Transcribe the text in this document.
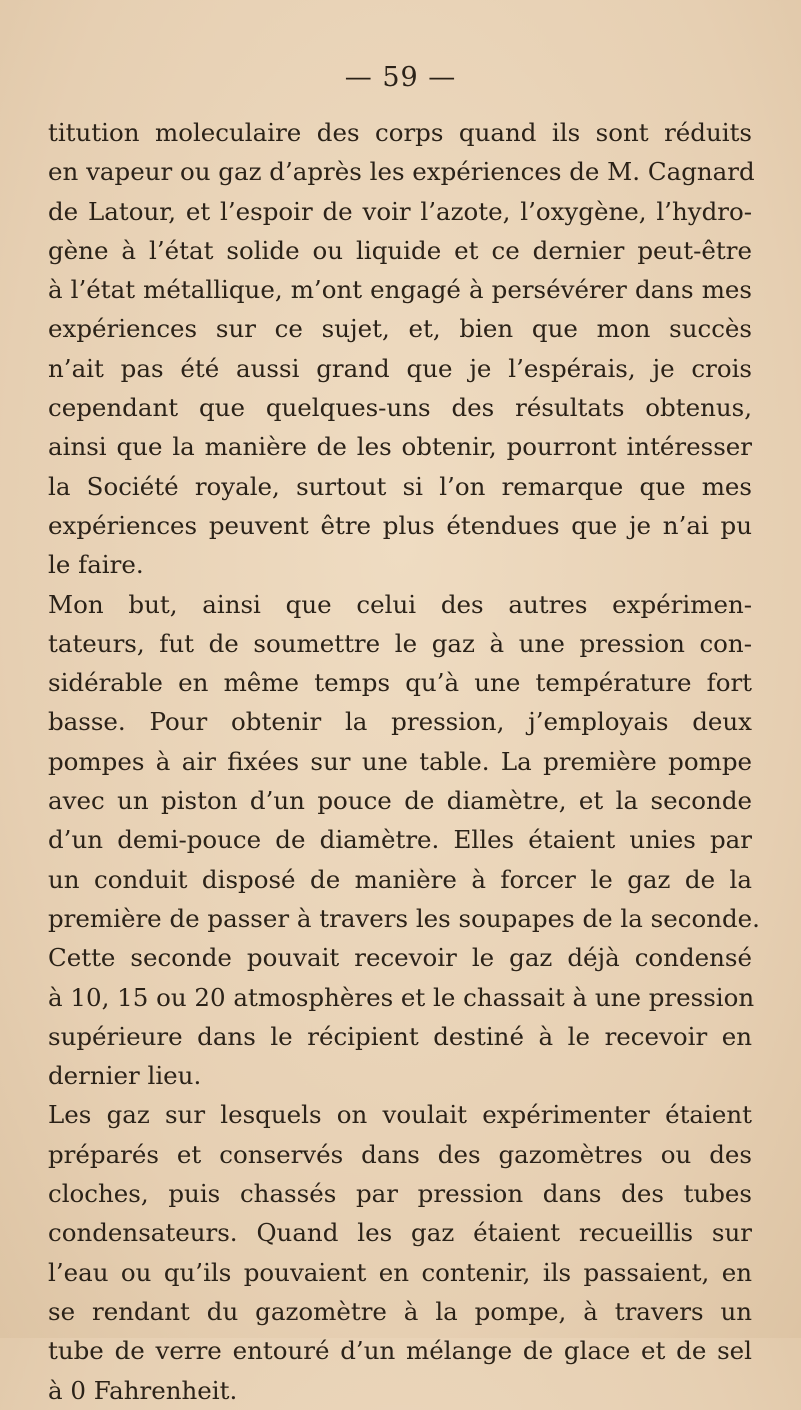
— 59 —
titution moleculaire des corps quand ils sont réduits
en vapeur ou gaz d’après les expériences de M. Cagnard
de Latour, et l’espoir de voir l’azote, l’oxygène, l’hydro-
gène à l’état solide ou liquide et ce dernier peut-être
à l’état métallique, m’ont engagé à persévérer dans mes
expériences sur ce sujet, et, bien que mon succès
n’ait pas été aussi grand que je l’espérais, je crois
cependant que quelques-uns des résultats obtenus,
ainsi que la manière de les obtenir, pourront intéresser
la Société royale, surtout si l’on remarque que mes
expériences peuvent être plus étendues que je n’ai pu
le faire.
Mon but, ainsi que celui des autres expérimen-
tateurs, fut de soumettre le gaz à une pression con-
sidérable en même temps qu’à une température fort
basse. Pour obtenir la pression, j’employais deux
pompes à air fixées sur une table. La première pompe
avec un piston d’un pouce de diamètre, et la seconde
d’un demi-pouce de diamètre. Elles étaient unies par
un conduit disposé de manière à forcer le gaz de la
première de passer à travers les soupapes de la seconde.
Cette seconde pouvait recevoir le gaz déjà condensé
à 10, 15 ou 20 atmosphères et le chassait à une pression
supérieure dans le récipient destiné à le recevoir en
dernier lieu.
Les gaz sur lesquels on voulait expérimenter étaient
préparés et conservés dans des gazomètres ou des
cloches, puis chassés par pression dans des tubes
condensateurs. Quand les gaz étaient recueillis sur
l’eau ou qu’ils pouvaient en contenir, ils passaient, en
se rendant du gazomètre à la pompe, à travers un
tube de verre entouré d’un mélange de glace et de sel
à 0 Fahrenheit.
